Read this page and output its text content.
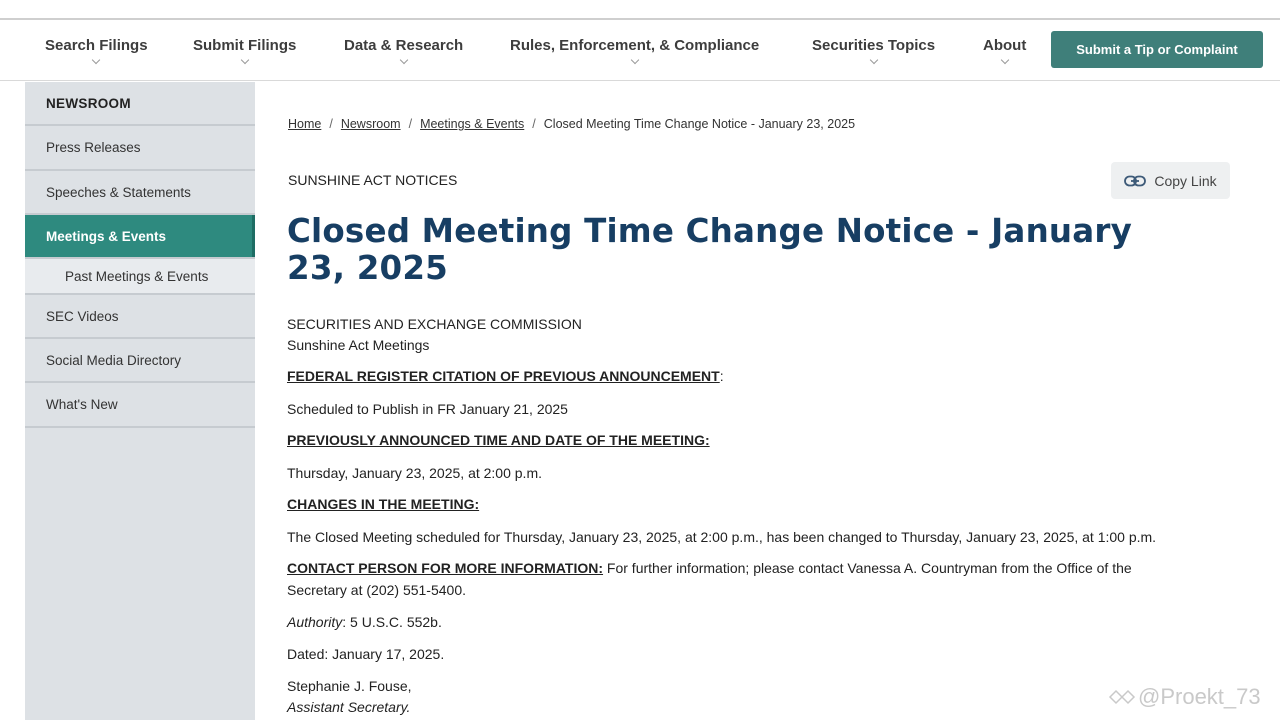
Search Filings	Submit Filings	Data & Research	Rules, Enforcement, & Compliance	Securities Topics	About	Submit a Tip or Complaint
NEWSROOM
Press Releases
Speeches & Statements
Meetings & Events
Past Meetings & Events
SEC Videos
Social Media Directory
What's New
Home / Newsroom / Meetings & Events / Closed Meeting Time Change Notice - January 23, 2025
SUNSHINE ACT NOTICES	Copy Link
Closed Meeting Time Change Notice - January 23, 2025
SECURITIES AND EXCHANGE COMMISSION
Sunshine Act Meetings
FEDERAL REGISTER CITATION OF PREVIOUS ANNOUNCEMENT:
Scheduled to Publish in FR January 21, 2025
PREVIOUSLY ANNOUNCED TIME AND DATE OF THE MEETING:
Thursday, January 23, 2025, at 2:00 p.m.
CHANGES IN THE MEETING:
The Closed Meeting scheduled for Thursday, January 23, 2025, at 2:00 p.m., has been changed to Thursday, January 23, 2025, at 1:00 p.m.
CONTACT PERSON FOR MORE INFORMATION: For further information; please contact Vanessa A. Countryman from the Office of the
Secretary at (202) 551-5400.
Authority: 5 U.S.C. 552b.
Dated: January 17, 2025.
Stephanie J. Fouse,
Assistant Secretary.	@Proekt_73
